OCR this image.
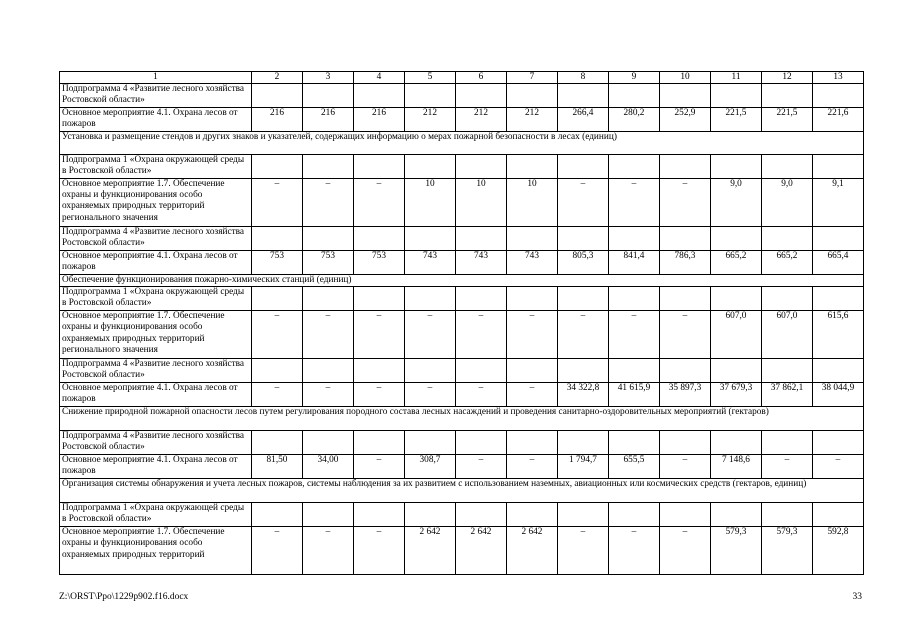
1	2	3	4	5	6	7	8	9	10	11	12	13
Подпрограмма 4 «Развитие лесного хозяйства Ростовской области»												
Основное мероприятие 4.1. Охрана лесов от пожаров	216	216	216	212	212	212	266,4	280,2	252,9	221,5	221,5	221,6
Установка и размещение стендов и других знаков и указателей, содержащих информацию о мерах пожарной безопасности в лесах (единиц)												
Подпрограмма 1 «Охрана окружающей среды в Ростовской области»												
Основное мероприятие 1.7. Обеспечение охраны и функционирования особо охраняемых природных территорий регионального значения	–	–	–	10	10	10	–	–	–	9,0	9,0	9,1
Подпрограмма 4 «Развитие лесного хозяйства Ростовской области»												
Основное мероприятие 4.1. Охрана лесов от пожаров	753	753	753	743	743	743	805,3	841,4	786,3	665,2	665,2	665,4
Обеспечение функционирования пожарно-химических станций (единиц)												
Подпрограмма 1 «Охрана окружающей среды в Ростовской области»												
Основное мероприятие 1.7. Обеспечение охраны и функционирования особо охраняемых природных территорий регионального значения	–	–	–	–	–	–	–	–	–	607,0	607,0	615,6
Подпрограмма 4 «Развитие лесного хозяйства Ростовской области»												
Основное мероприятие 4.1. Охрана лесов от пожаров	–	–	–	–	–	–	34 322,8	41 615,9	35 897,3	37 679,3	37 862,1	38 044,9
Снижение природной пожарной опасности лесов путем регулирования породного состава лесных насаждений и проведения санитарно-оздоровительных мероприятий (гектаров)												
Подпрограмма 4 «Развитие лесного хозяйства Ростовской области»												
Основное мероприятие 4.1. Охрана лесов от пожаров	81,50	34,00	–	308,7	–	–	1 794,7	655,5	–	7 148,6	–	–
Организация системы обнаружения и учета лесных пожаров, системы наблюдения за их развитием с использованием наземных, авиационных или космических средств (гектаров, единиц)												
Подпрограмма 1 «Охрана окружающей среды в Ростовской области»												
Основное мероприятие 1.7. Обеспечение охраны и функционирования особо охраняемых природных территорий	–	–	–	2 642	2 642	2 642	–	–	–	579,3	579,3	592,8
Z:\ORST\Ppo\1229p902.f16.docx	33
